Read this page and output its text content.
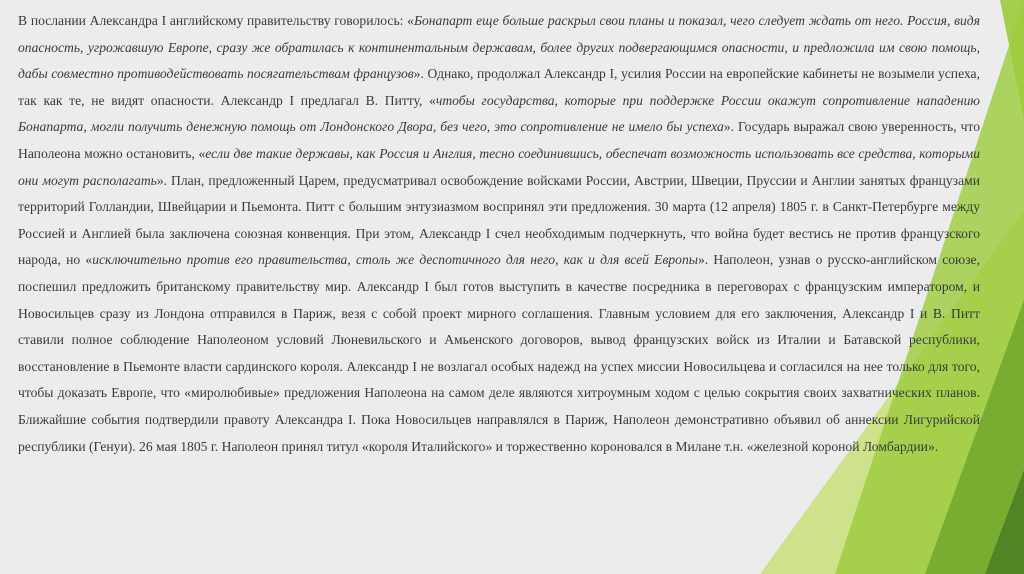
В послании Александра I английскому правительству говорилось: «Бонапарт еще больше раскрыл свои планы и показал, чего следует ждать от него. Россия, видя опасность, угрожавшую Европе, сразу же обратилась к континентальным державам, более других подвергающимся опасности, и предложила им свою помощь, дабы совместно противодействовать посягательствам французов». Однако, продолжал Александр I, усилия России на европейские кабинеты не возымели успеха, так как те, не видят опасности. Александр I предлагал В. Питту, «чтобы государства, которые при поддержке России окажут сопротивление нападению Бонапарта, могли получить денежную помощь от Лондонского Двора, без чего, это сопротивление не имело бы успеха». Государь выражал свою уверенность, что Наполеона можно остановить, «если две такие державы, как Россия и Англия, тесно соединившись, обеспечат возможность использовать все средства, которыми они могут располагать». План, предложенный Царем, предусматривал освобождение войсками России, Австрии, Швеции, Пруссии и Англии занятых французами территорий Голландии, Швейцарии и Пьемонта. Питт с большим энтузиазмом воспринял эти предложения. 30 марта (12 апреля) 1805 г. в Санкт-Петербурге между Россией и Англией была заключена союзная конвенция. При этом, Александр I счел необходимым подчеркнуть, что война будет вестись не против французского народа, но «исключительно против его правительства, столь же деспотичного для него, как и для всей Европы». Наполеон, узнав о русско-английском союзе, поспешил предложить британскому правительству мир. Александр I был готов выступить в качестве посредника в переговорах с французским императором, и Новосильцев сразу из Лондона отправился в Париж, везя с собой проект мирного соглашения. Главным условием для его заключения, Александр I и В. Питт ставили полное соблюдение Наполеоном условий Люневильского и Амьенского договоров, вывод французских войск из Италии и Батавской республики, восстановление в Пьемонте власти сардинского короля. Александр I не возлагал особых надежд на успех миссии Новосильцева и согласился на нее только для того, чтобы доказать Европе, что «миролюбивые» предложения Наполеона на самом деле являются хитроумным ходом с целью сокрытия своих захватнических планов. Ближайшие события подтвердили правоту Александра I. Пока Новосильцев направлялся в Париж, Наполеон демонстративно объявил об аннексии Лигурийской республики (Генуи). 26 мая 1805 г. Наполеон принял титул «короля Италийского» и торжественно короновался в Милане т.н. «железной короной Ломбардии».
